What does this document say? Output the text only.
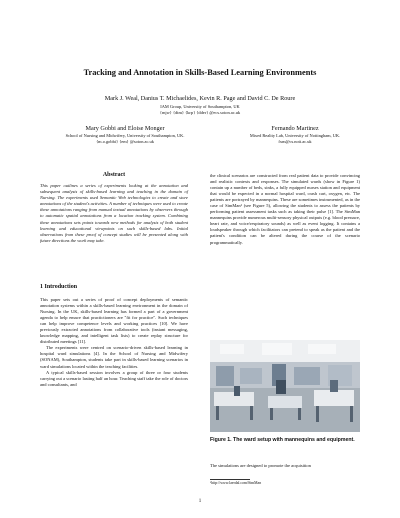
Tracking and Annotation in Skills-Based Learning Environments
Mark J. Weal, Danius T. Michaelides, Kevin R. Page and David C. De Roure
IAM Group, University of Southampton, UK
{mjw} {dtm} {krp} {dder} @ecs.soton.ac.uk
Mary Gobbi and Eloise Monger
School of Nursing and Midwifery, University of Southampton, UK.
{m.o.gobbi} {em} @soton.ac.uk
Fernando Martinez
Mixed Reality Lab, University of Nottingham, UK.
fxm@cs.nott.ac.uk
Abstract
This paper outlines a series of experiments looking at the annotation and subsequent analysis of skills-based learning and teaching in the domain of Nursing. The experiments used Semantic Web technologies to create and store annotations of the student's activities. A number of techniques were used to create these annotations ranging from manual textual annotations by observers through to automatic spatial annotations from a location tracking system. Combining these annotations sets points towards new methods for analysis of both student learning and educational viewpoints on such skills-based labs. Initial observations from these proof of concept studies will be presented along with future directions the work may take.
1 Introduction

This paper sets out a series of proof of concept deployments of semantic annotation systems within a skills-based learning environment in the domain of Nursing. In the UK, skills-based learning has formed a part of a government agenda to help ensure that practictioners are "fit for practice". Such techniques can help improve competence levels and working practices [10]. We have previously extracted annotations from collaborative tools (instant messaging, knowledge mapping, and intelligent task lists) to create replay structure for distributed meetings [11].

The experiments were centred on scenario-driven skills-based learning in hospital ward simulations [4]. In the School of Nursing and Midwifery (SONAM), Southampton, students take part in skills-based learning scenarios in ward simulations located within the teaching facilities.

A typical skills-based session involves a group of three or four students carrying out a scenario lasting half an hour. Teaching staff take the role of doctors and consultants, and

the clinical scenarios are constructed from real patient data to provide convincing and realistic contexts and responses. The simulated wards (show in Figure 1) contain up a number of beds, sinks, a fully equipped nurses station and equipment that would be expected in a normal hospital ward, crash cart, oxygen, etc. The patients are portrayed by mannequins. These are sometimes instrumented, as in the case of SimMan¹ (see Figure 5), allowing the students to assess the patients by performing patient assessment tasks such as taking their pulse [1]. The SimMan mannequins provide numerous multi-sensory physical outputs (e.g. blood pressure, heart rate, and voice/respiratory sounds) as well as event logging. It contains a loudspeaker through which facilitators can pretend to speak as the patient and the patient's condition can be altered during the course of the scenario programmatically.

Figure 1. The ward setup with mannequins and equipment.
The simulations are designed to promote the acquisition
¹http://www.laerdal.com/SimMan
1
